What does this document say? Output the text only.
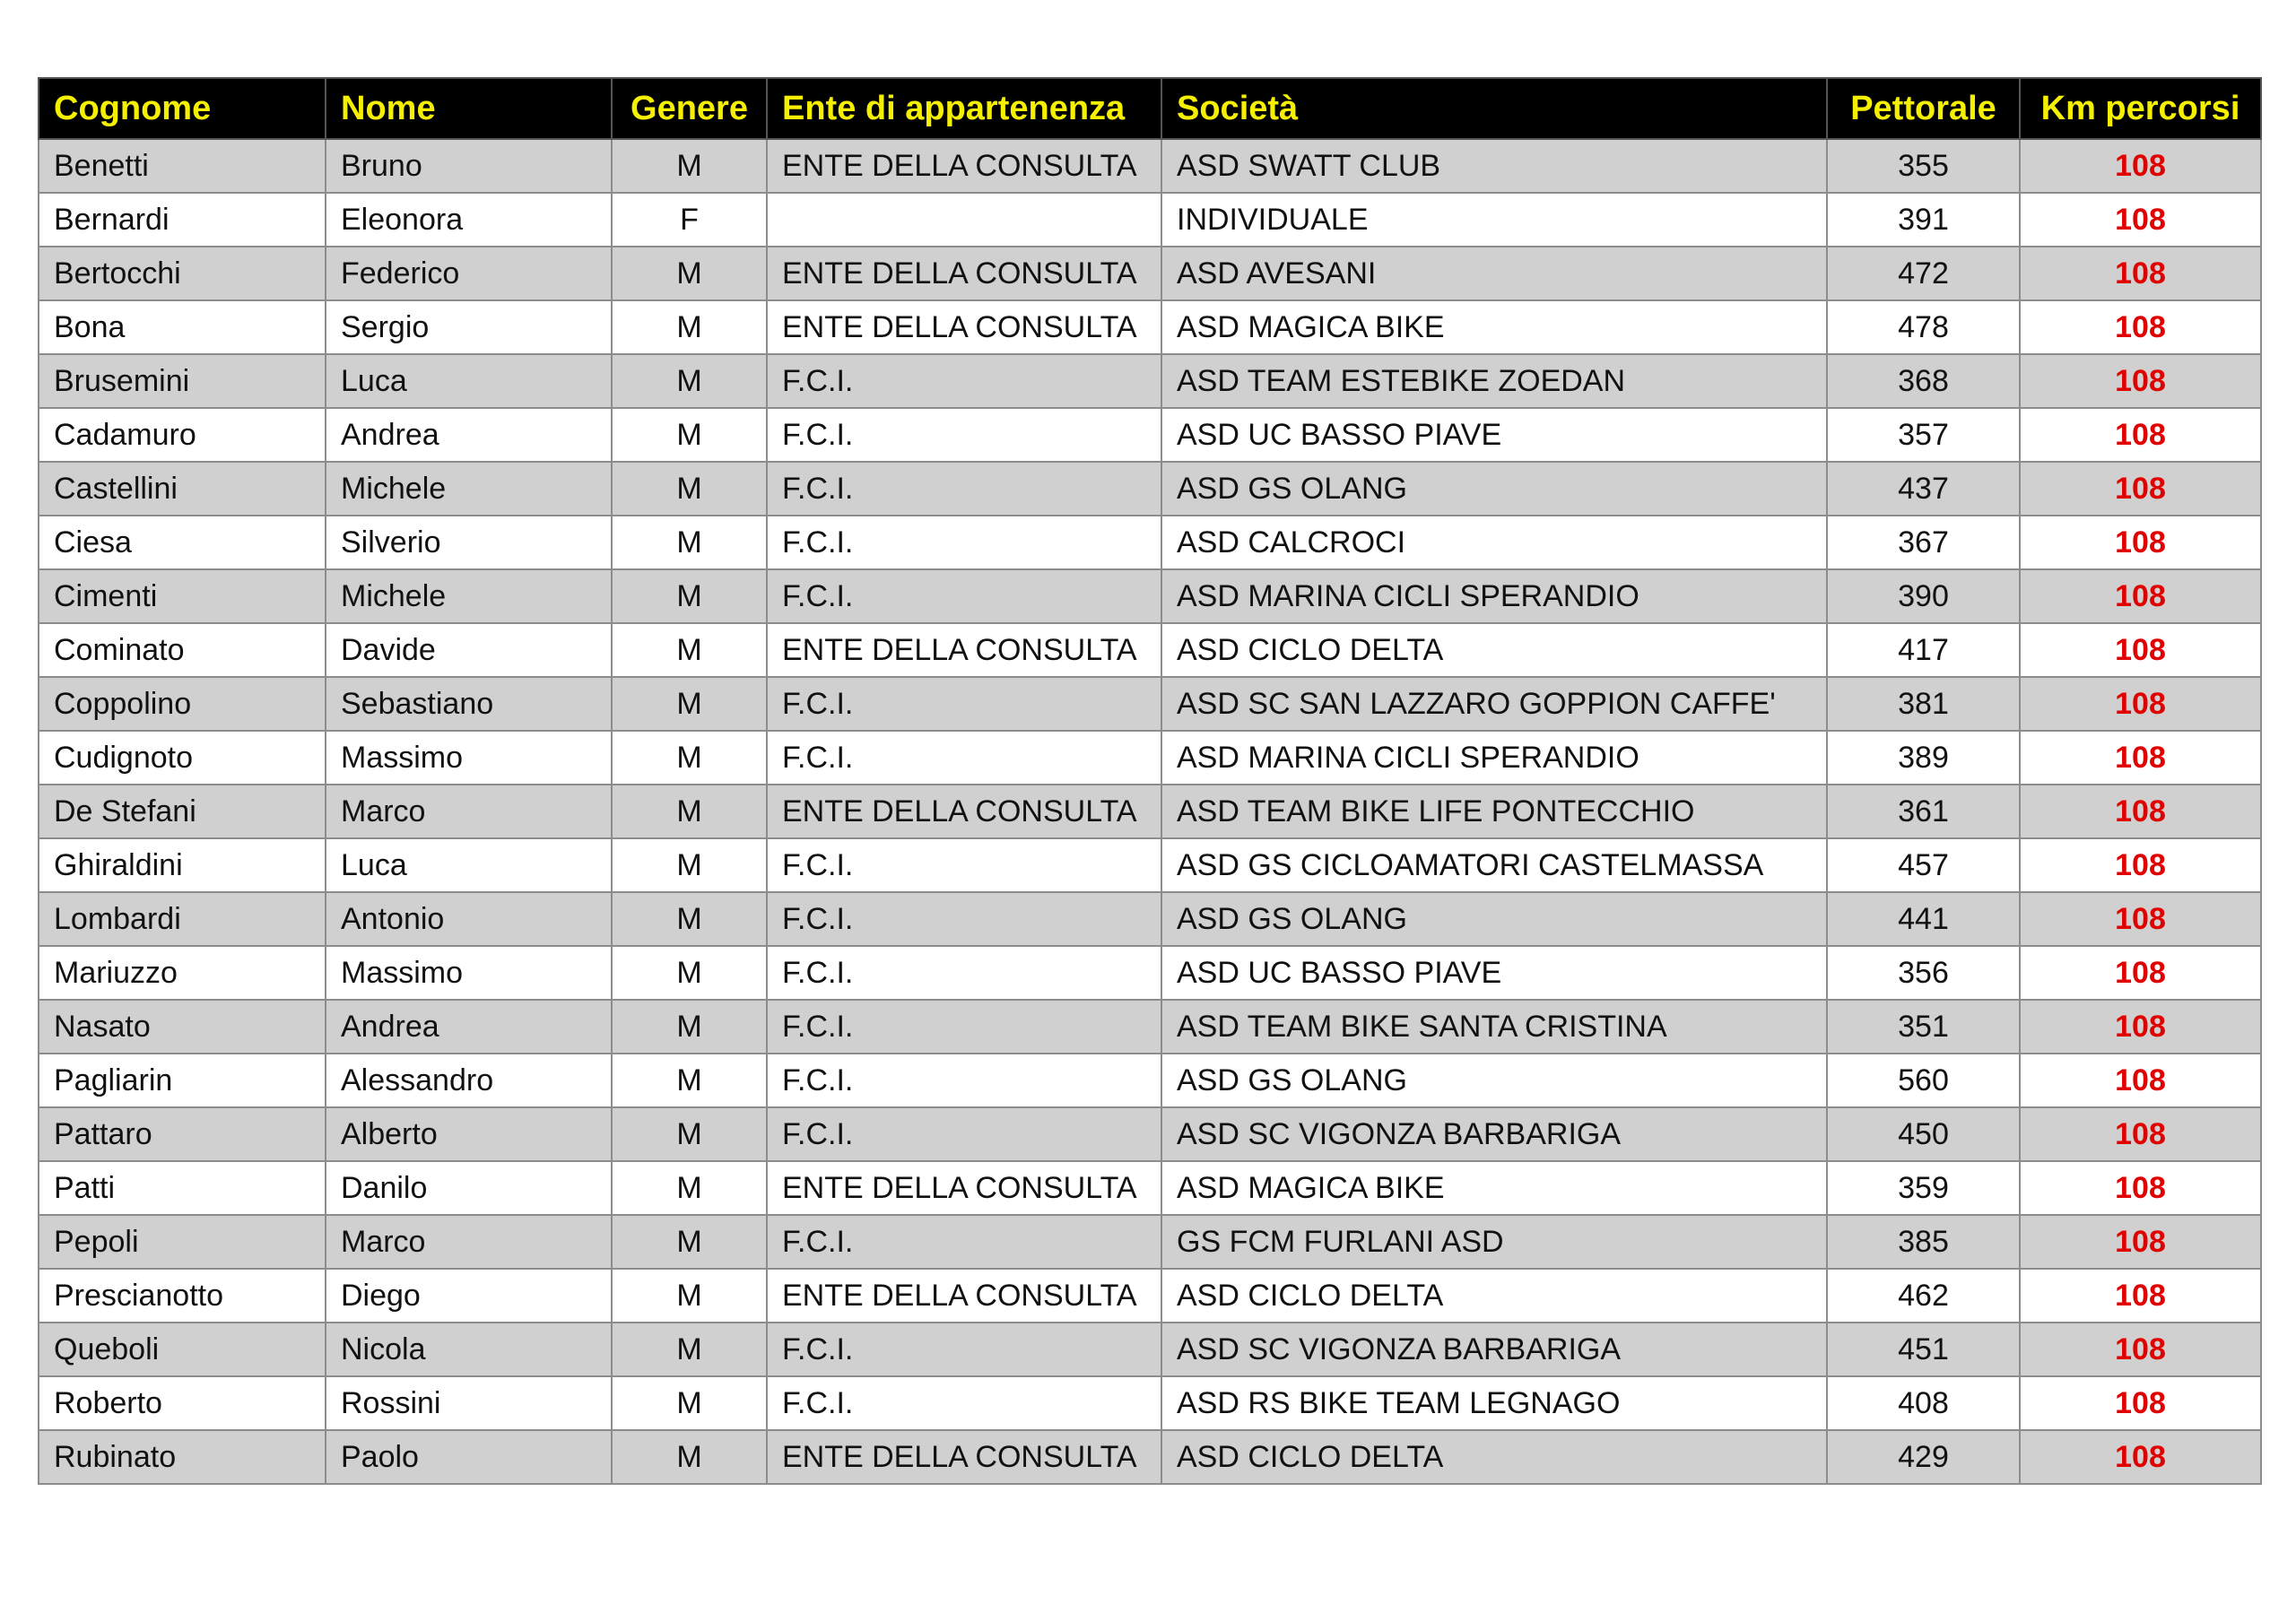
Cognome	Nome	Genere	Ente di appartenenza	Società	Pettorale	Km percorsi
Benetti	Bruno	M	ENTE DELLA CONSULTA	ASD SWATT CLUB	355	108
Bernardi	Eleonora	F		INDIVIDUALE	391	108
Bertocchi	Federico	M	ENTE DELLA CONSULTA	ASD AVESANI	472	108
Bona	Sergio	M	ENTE DELLA CONSULTA	ASD MAGICA BIKE	478	108
Brusemini	Luca	M	F.C.I.	ASD TEAM ESTEBIKE ZOEDAN	368	108
Cadamuro	Andrea	M	F.C.I.	ASD UC BASSO PIAVE	357	108
Castellini	Michele	M	F.C.I.	ASD GS OLANG	437	108
Ciesa	Silverio	M	F.C.I.	ASD CALCROCI	367	108
Cimenti	Michele	M	F.C.I.	ASD MARINA CICLI SPERANDIO	390	108
Cominato	Davide	M	ENTE DELLA CONSULTA	ASD CICLO DELTA	417	108
Coppolino	Sebastiano	M	F.C.I.	ASD SC SAN LAZZARO GOPPION CAFFE'	381	108
Cudignoto	Massimo	M	F.C.I.	ASD MARINA CICLI SPERANDIO	389	108
De Stefani	Marco	M	ENTE DELLA CONSULTA	ASD TEAM BIKE LIFE PONTECCHIO	361	108
Ghiraldini	Luca	M	F.C.I.	ASD GS CICLOAMATORI CASTELMASSA	457	108
Lombardi	Antonio	M	F.C.I.	ASD GS OLANG	441	108
Mariuzzo	Massimo	M	F.C.I.	ASD UC BASSO PIAVE	356	108
Nasato	Andrea	M	F.C.I.	ASD TEAM BIKE SANTA CRISTINA	351	108
Pagliarin	Alessandro	M	F.C.I.	ASD GS OLANG	560	108
Pattaro	Alberto	M	F.C.I.	ASD SC VIGONZA BARBARIGA	450	108
Patti	Danilo	M	ENTE DELLA CONSULTA	ASD MAGICA BIKE	359	108
Pepoli	Marco	M	F.C.I.	GS FCM FURLANI ASD	385	108
Prescianotto	Diego	M	ENTE DELLA CONSULTA	ASD CICLO DELTA	462	108
Queboli	Nicola	M	F.C.I.	ASD SC VIGONZA BARBARIGA	451	108
Roberto	Rossini	M	F.C.I.	ASD RS BIKE TEAM LEGNAGO	408	108
Rubinato	Paolo	M	ENTE DELLA CONSULTA	ASD CICLO DELTA	429	108
